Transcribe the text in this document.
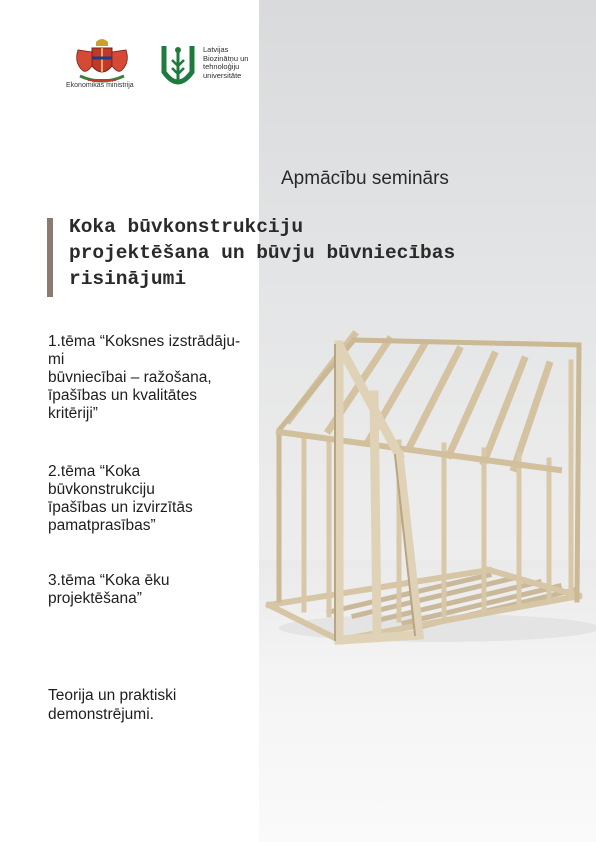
Ekonomikas ministrija
Latvijas Biozinātņu un tehnoloģiju universitāte
Apmācību seminārs
Koka būvkonstrukciju
projektēšana un būvju būvniecības
risinājumi
1.tēma “Koksnes izstrādāju-
mi
būvniecībai – ražošana,
īpašības un kvalitātes
kritēriji”
2.tēma “Koka
būvkonstrukciju
īpašības un izvirzītās
pamatprasības”
3.tēma “Koka ēku
projektēšana”
Teorija un praktiski
demonstrējumi.
